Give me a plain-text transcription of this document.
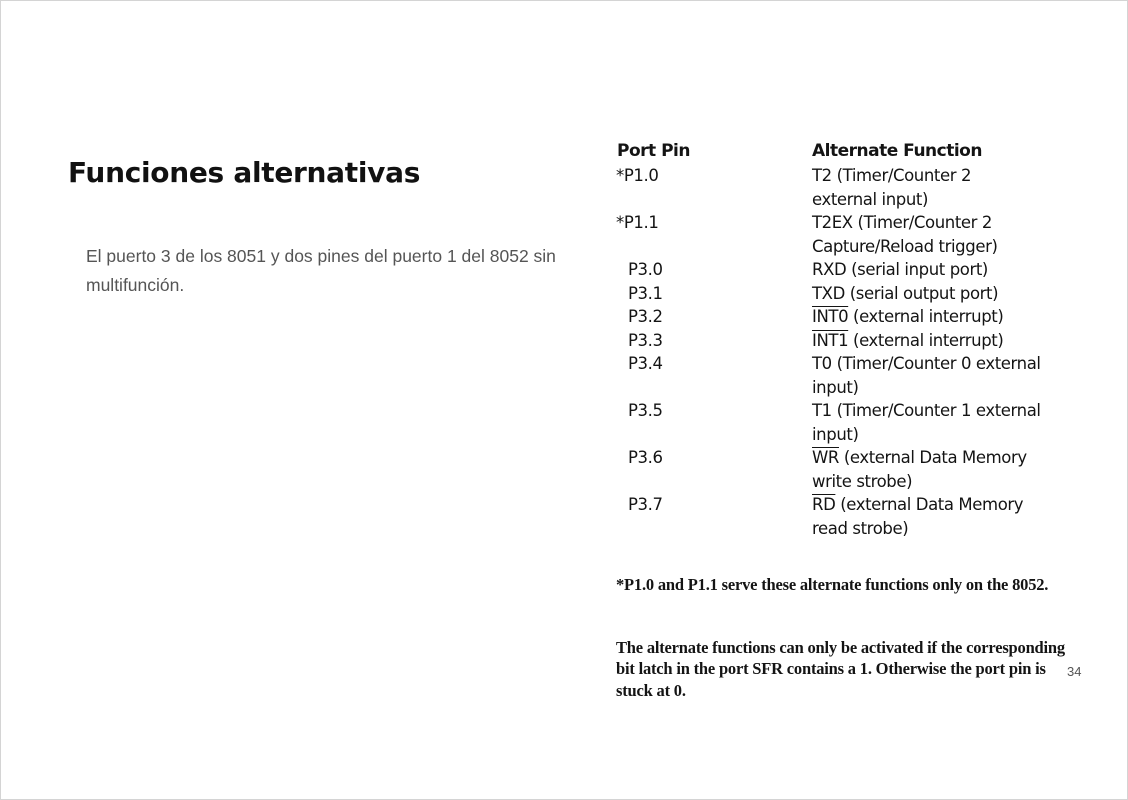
Funciones alternativas

El puerto 3 de los 8051 y dos pines del puerto 1 del 8052 sin multifunción.

Port Pin	Alternate Function
*P1.0	T2 (Timer/Counter 2
external input)
*P1.1	T2EX (Timer/Counter 2
Capture/Reload trigger)
P3.0	RXD (serial input port)
P3.1	TXD (serial output port)
P3.2	INT0 (external interrupt)
P3.3	INT1 (external interrupt)
P3.4	T0 (Timer/Counter 0 external
input)
P3.5	T1 (Timer/Counter 1 external
input)
P3.6	$\overline{WR}$ (external Data Memory
write strobe)
P3.7	$\overline{RD}$ (external Data Memory
read strobe)

*P1.0 and P1.1 serve these alternate functions only on the 8052.

The alternate functions can only be activated if the corresponding bit latch in the port SFR contains a 1. Otherwise the port pin is stuck at 0.

34
